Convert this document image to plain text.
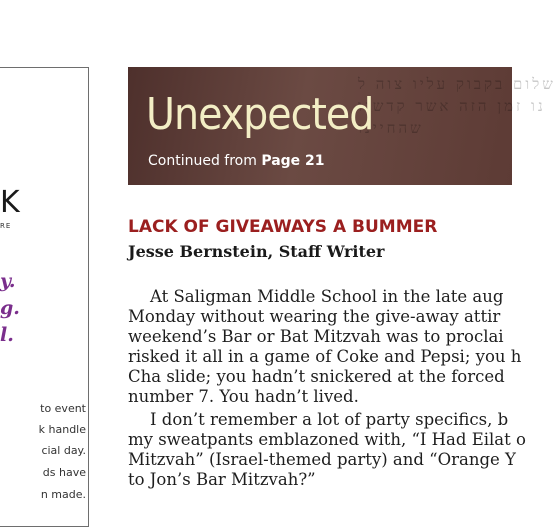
K
RE
y.
g.
l.
to event
k handle
cial day.
ds have
n made.
שלום בקבוק עליו צוה לנו זמן הזה אשר קדשנו שהחיינו
Unexpected
Continued from Page 21
LACK OF GIVEAWAYS A BUMMER
Jesse Bernstein, Staff Writer
At Saligman Middle School in the late aug
Monday without wearing the give-away attir
weekend’s Bar or Bat Mitzvah was to proclai
risked it all in a game of Coke and Pepsi; you h
Cha slide; you hadn’t snickered at the forced
number 7. You hadn’t lived.
I don’t remember a lot of party specifics, b
my sweatpants emblazoned with, “I Had Eilat o
Mitzvah” (Israel-themed party) and “Orange Y
to Jon’s Bar Mitzvah?”
